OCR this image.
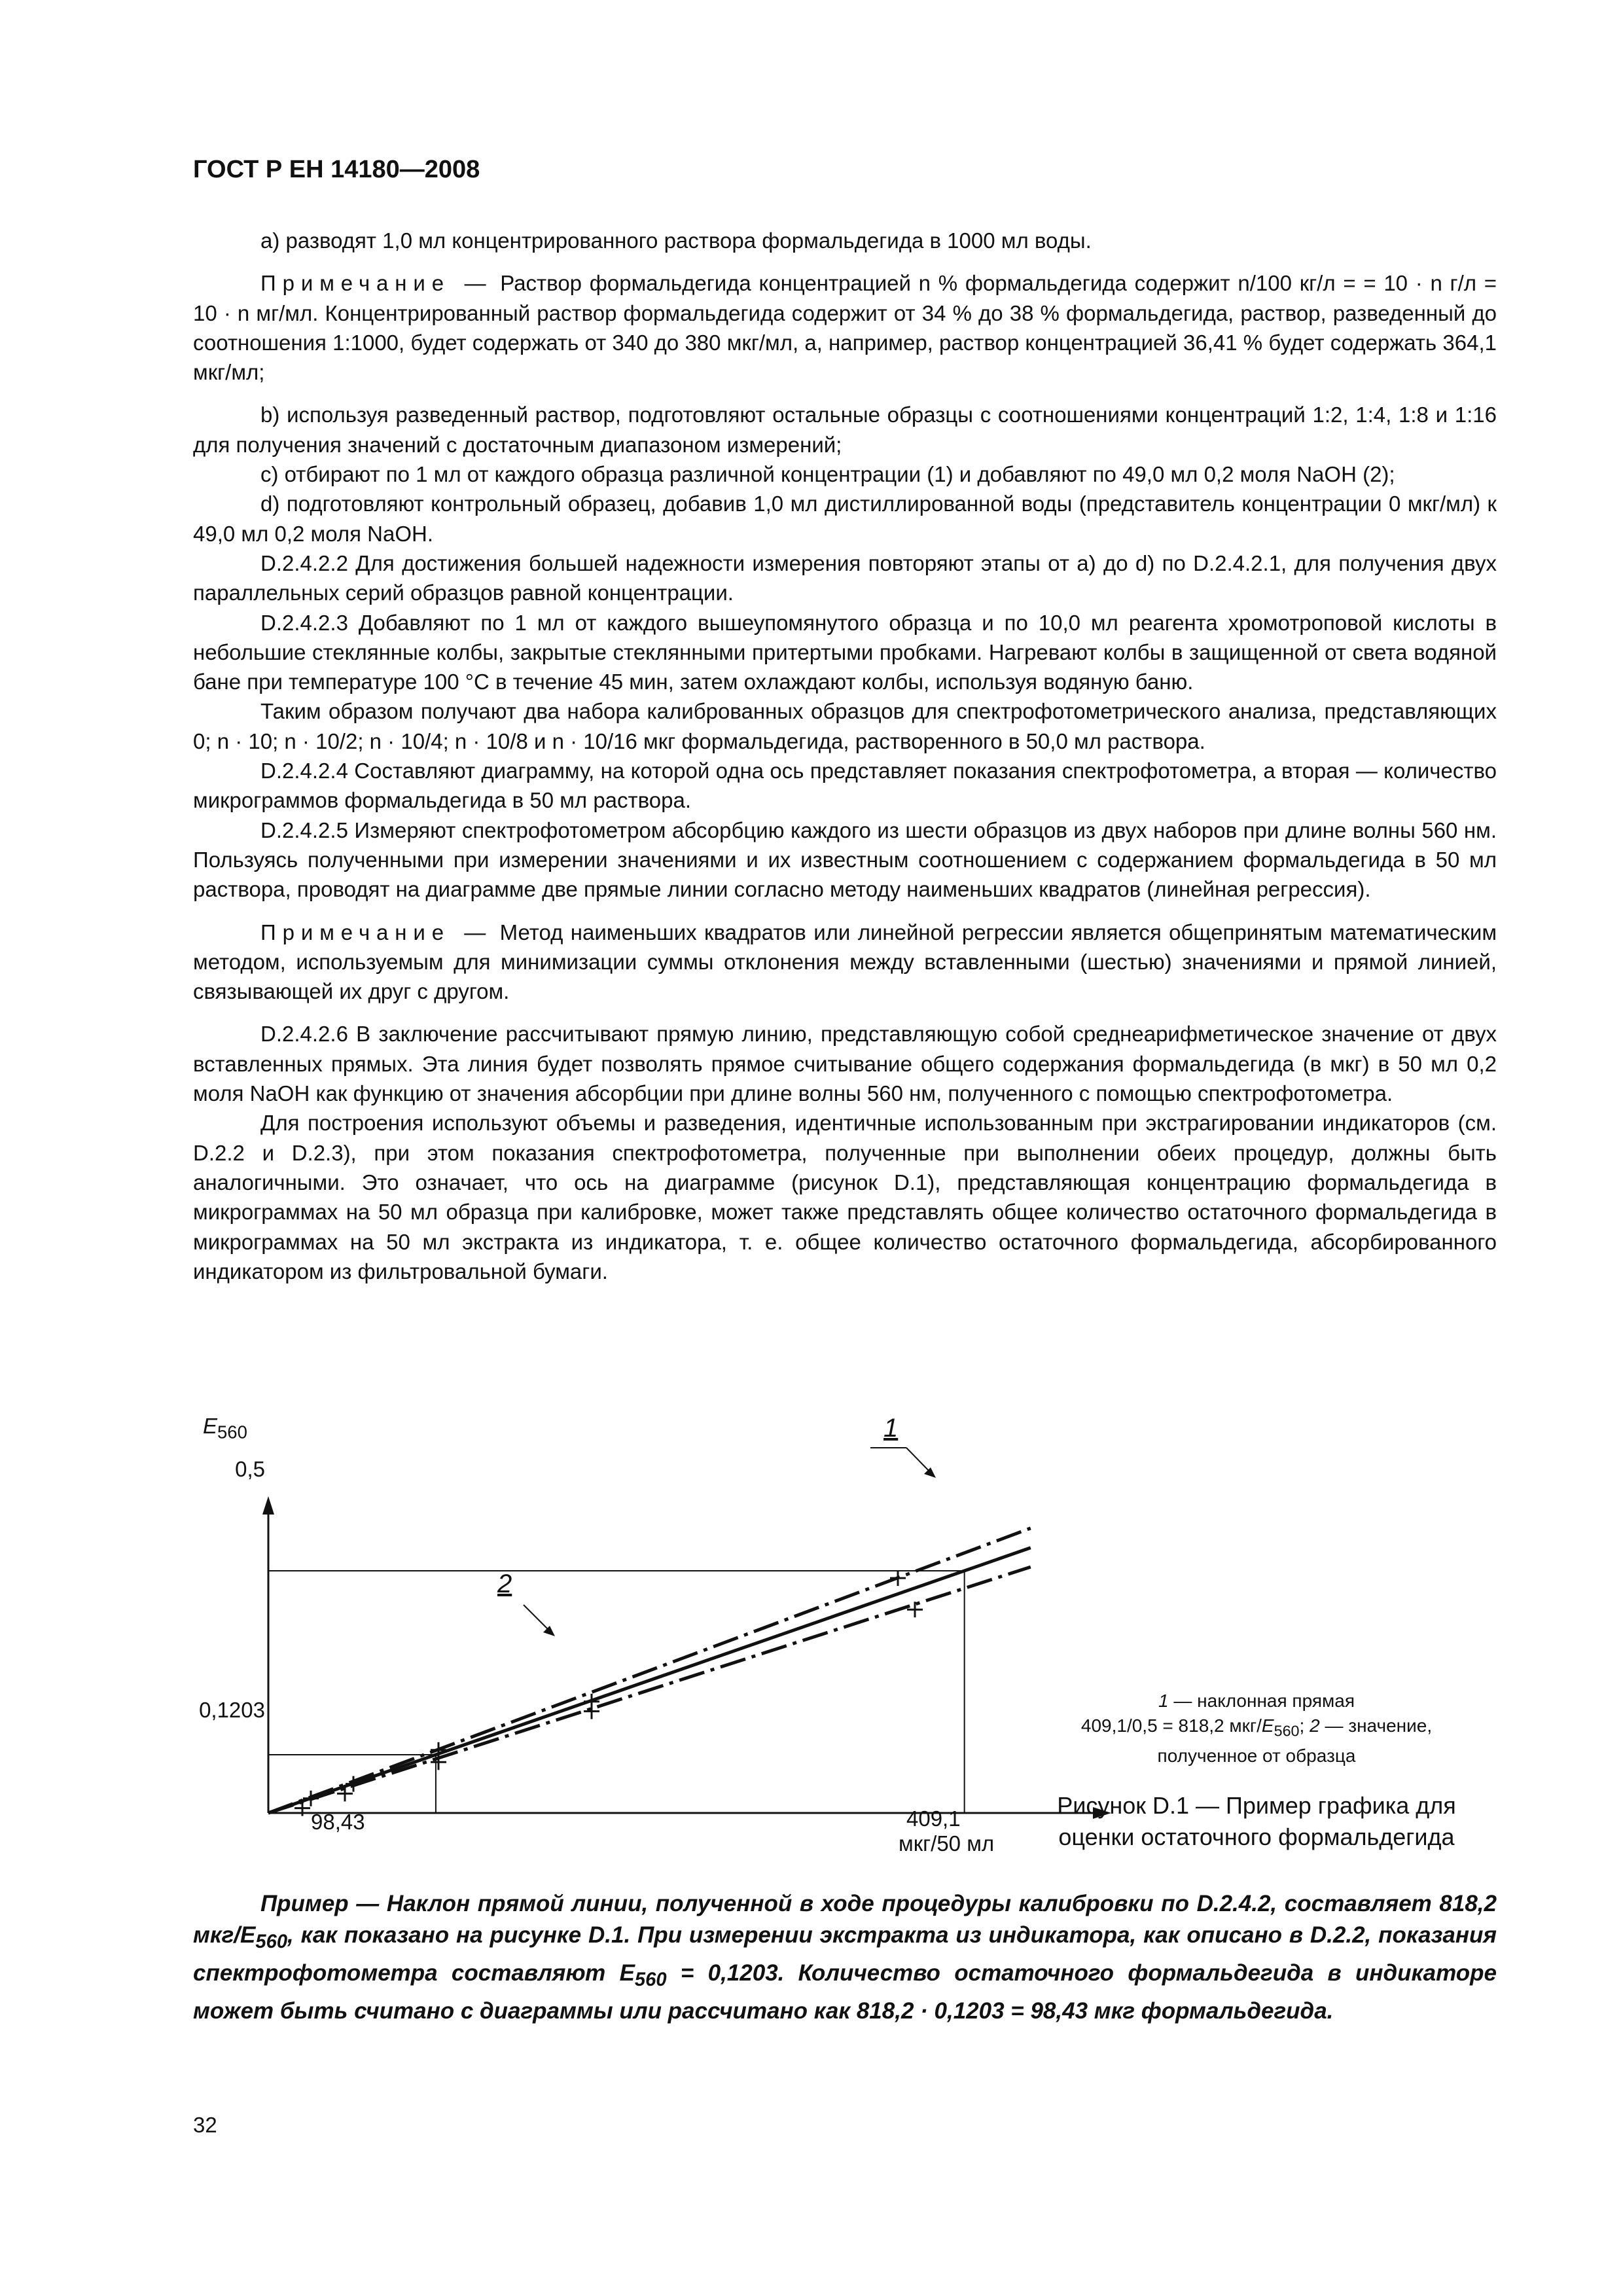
ГОСТ Р ЕН 14180—2008

a) разводят 1,0 мл концентрированного раствора формальдегида в 1000 мл воды.

Примечание — Раствор формальдегида концентрацией n % формальдегида содержит n/100 кг/л = = 10 · n г/л = 10 · n мг/мл. Концентрированный раствор формальдегида содержит от 34 % до 38 % формальдегида, раствор, разведенный до соотношения 1:1000, будет содержать от 340 до 380 мкг/мл, а, например, раствор концентрацией 36,41 % будет содержать 364,1 мкг/мл;

b) используя разведенный раствор, подготовляют остальные образцы с соотношениями концентраций 1:2, 1:4, 1:8 и 1:16 для получения значений с достаточным диапазоном измерений;

c) отбирают по 1 мл от каждого образца различной концентрации (1) и добавляют по 49,0 мл 0,2 моля NaOH (2);

d) подготовляют контрольный образец, добавив 1,0 мл дистиллированной воды (представитель концентрации 0 мкг/мл) к 49,0 мл 0,2 моля NaOH.

D.2.4.2.2 Для достижения большей надежности измерения повторяют этапы от a) до d) по D.2.4.2.1, для получения двух параллельных серий образцов равной концентрации.

D.2.4.2.3 Добавляют по 1 мл от каждого вышеупомянутого образца и по 10,0 мл реагента хромотроповой кислоты в небольшие стеклянные колбы, закрытые стеклянными притертыми пробками. Нагревают колбы в защищенной от света водяной бане при температуре 100 °С в течение 45 мин, затем охлаждают колбы, используя водяную баню.

Таким образом получают два набора калиброванных образцов для спектрофотометрического анализа, представляющих 0; n · 10; n · 10/2; n · 10/4; n · 10/8 и n · 10/16 мкг формальдегида, растворенного в 50,0 мл раствора.

D.2.4.2.4 Составляют диаграмму, на которой одна ось представляет показания спектрофотометра, а вторая — количество микрограммов формальдегида в 50 мл раствора.

D.2.4.2.5 Измеряют спектрофотометром абсорбцию каждого из шести образцов из двух наборов при длине волны 560 нм. Пользуясь полученными при измерении значениями и их известным соотношением с содержанием формальдегида в 50 мл раствора, проводят на диаграмме две прямые линии согласно методу наименьших квадратов (линейная регрессия).

Примечание — Метод наименьших квадратов или линейной регрессии является общепринятым математическим методом, используемым для минимизации суммы отклонения между вставленными (шестью) значениями и прямой линией, связывающей их друг с другом.

D.2.4.2.6 В заключение рассчитывают прямую линию, представляющую собой среднеарифметическое значение от двух вставленных прямых. Эта линия будет позволять прямое считывание общего содержания формальдегида (в мкг) в 50 мл 0,2 моля NaOH как функцию от значения абсорбции при длине волны 560 нм, полученного с помощью спектрофотометра.

Для построения используют объемы и разведения, идентичные использованным при экстрагировании индикаторов (см. D.2.2 и D.2.3), при этом показания спектрофотометра, полученные при выполнении обеих процедур, должны быть аналогичными. Это означает, что ось на диаграмме (рисунок D.1), представляющая концентрацию формальдегида в микрограммах на 50 мл образца при калибровке, может также представлять общее количество остаточного формальдегида в микрограммах на 50 мл экстракта из индикатора, т. е. общее количество остаточного формальдегида, абсорбированного индикатором из фильтровальной бумаги.

$E_{560}$
98,43	409,1
мкг/50 мл
0,5
0,1203
1
2
1 — наклонная прямая
409,1/0,5 = 818,2 мкг/$E_{560}$; 2 — значение,
полученное от образца
Рисунок D.1 — Пример графика для
оценки остаточного формальдегида

Пример — Наклон прямой линии, полученной в ходе процедуры калибровки по D.2.4.2, составляет 818,2 мкг/$E_{560}$, как показано на рисунке D.1. При измерении экстракта из индикатора, как описано в D.2.2, показания спектрофотометра составляют $E_{560} = 0,1203$. Количество остаточного формальдегида в индикаторе может быть считано с диаграммы или рассчитано как 818,2 · 0,1203 = 98,43 мкг формальдегида.

32
